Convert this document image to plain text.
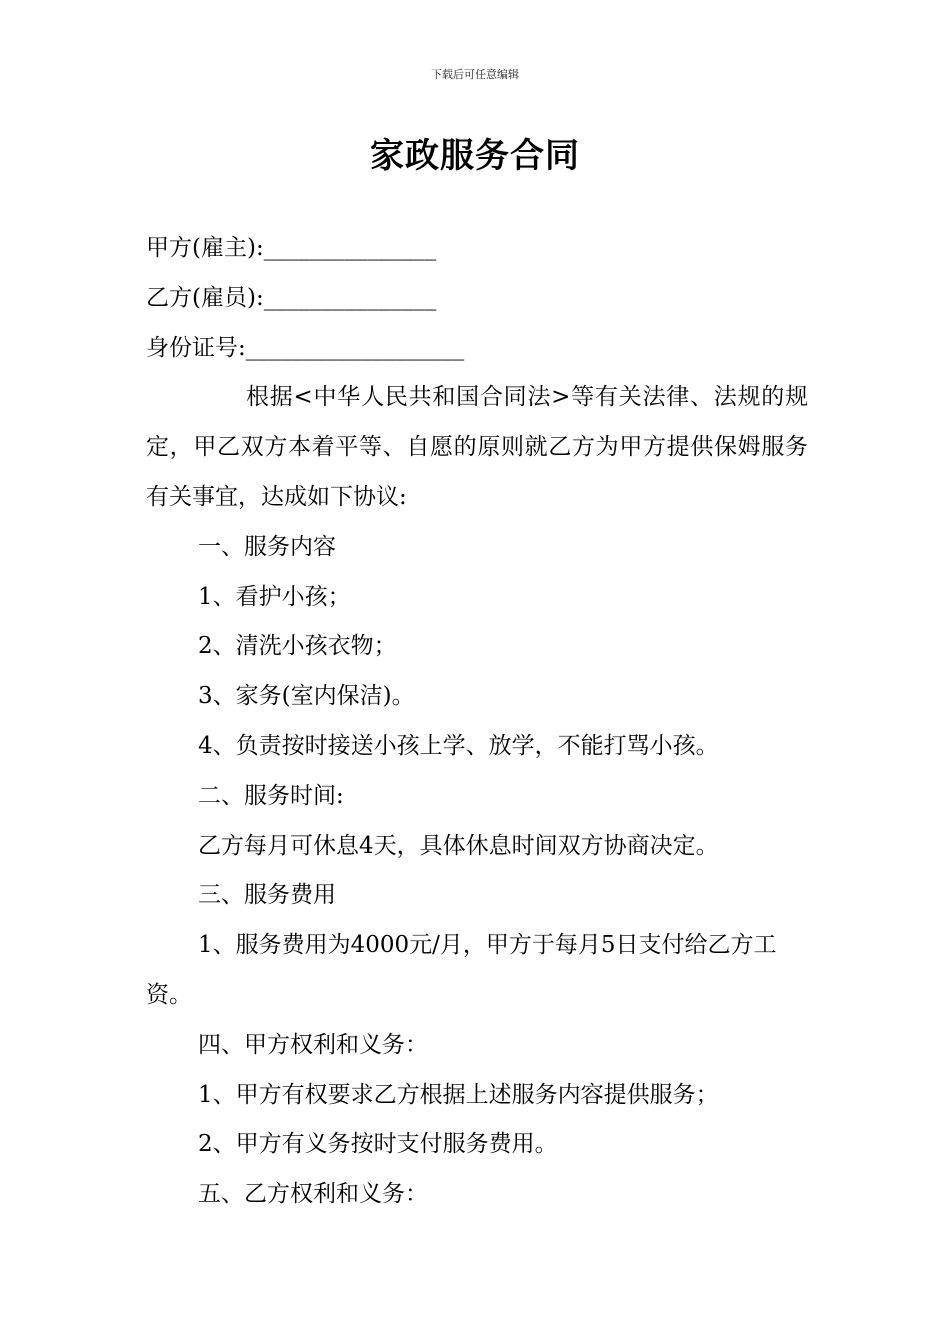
下载后可任意编辑
家政服务合同
甲方(雇主):_______________
乙方(雇员):_______________
身份证号:___________________
根据<中华人民共和国合同法>等有关法律、法规的规定，甲乙双方本着平等、自愿的原则就乙方为甲方提供保姆服务有关事宜，达成如下协议:
一、服务内容
1、看护小孩；
2、清洗小孩衣物；
3、家务(室内保洁)。
4、负责按时接送小孩上学、放学，不能打骂小孩。
二、服务时间:
乙方每月可休息4天，具体休息时间双方协商决定。
三、服务费用
1、服务费用为4000元/月，甲方于每月5日支付给乙方工资。
四、甲方权利和义务：
1、甲方有权要求乙方根据上述服务内容提供服务；
2、甲方有义务按时支付服务费用。
五、乙方权利和义务：
